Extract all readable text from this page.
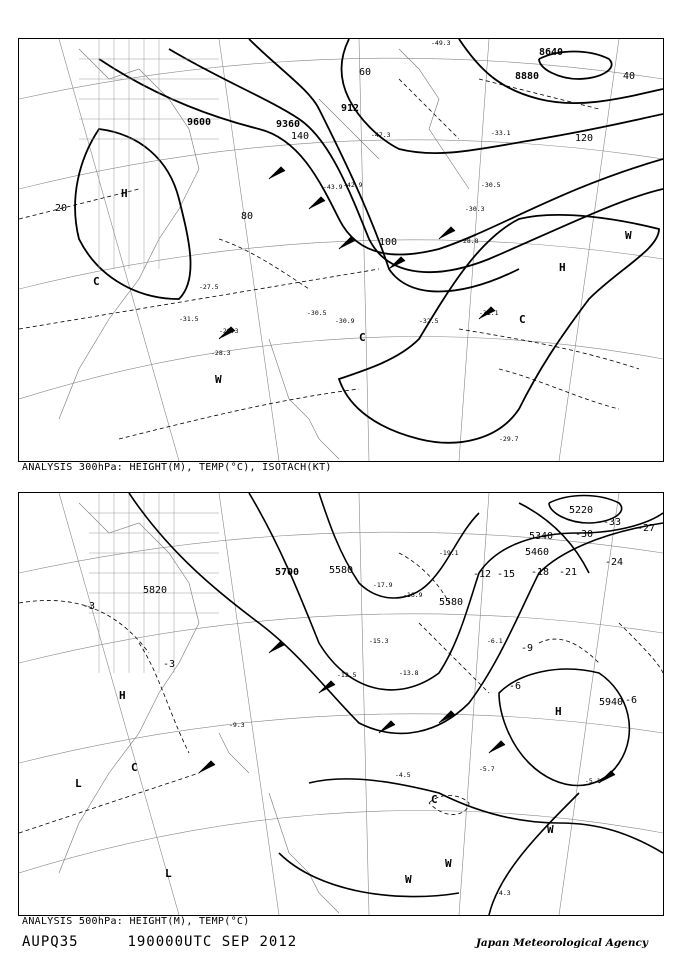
9600	9360
912
8880
8640
60
80
100
120
140
40
20
H
H
W
W
C
C
C
-31.1
-32.5
-30.9
-29.3
-28.3
-31.5
-30.5
-33.1
-30.3
-30.5
-43.9 -42.9
-47.3
-49.3
-29.7
-28.8
-27.5
ANALYSIS 300hPa: HEIGHT(M), TEMP(°C), ISOTACH(KT)
5820
5700	5580
5580
5460
5340
5220
5940
-3
-3
-6
-6
-9
-12 -15 -18 -21
-24
-27
-30
-33
H
H
L
L
C
C
W
W
W
-4.5
-5.7
-5.1
-4.3
-12.5
-15.3
-16.9
-19.1
-17.9
-13.8
-9.3
-6.1
ANALYSIS 500hPa: HEIGHT(M), TEMP(°C)
AUPQ35	190000UTC SEP 2012	Japan Meteorological Agency
